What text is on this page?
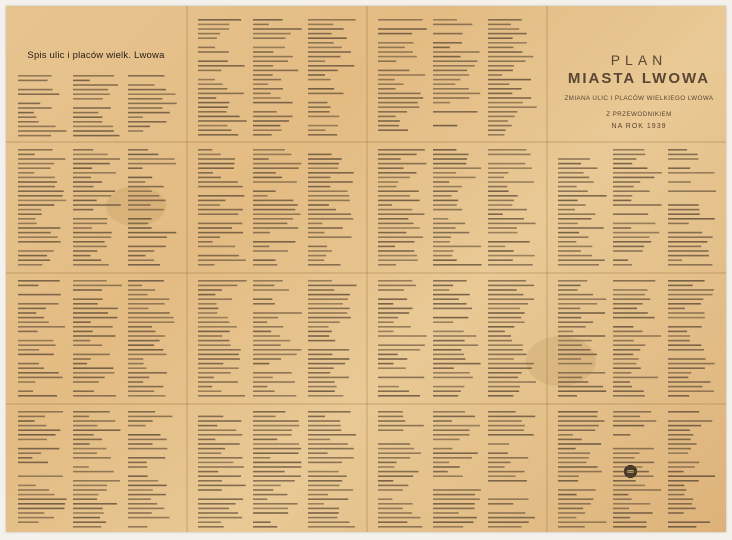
Spis ulic i placów wielk. Lwowa	PLAN
MIASTA LWOWA
ZMIANA ULIC I PLACÓW WIELKIEGO LWOWA
Z PRZEWODNIKIEM
NA ROK 1939
